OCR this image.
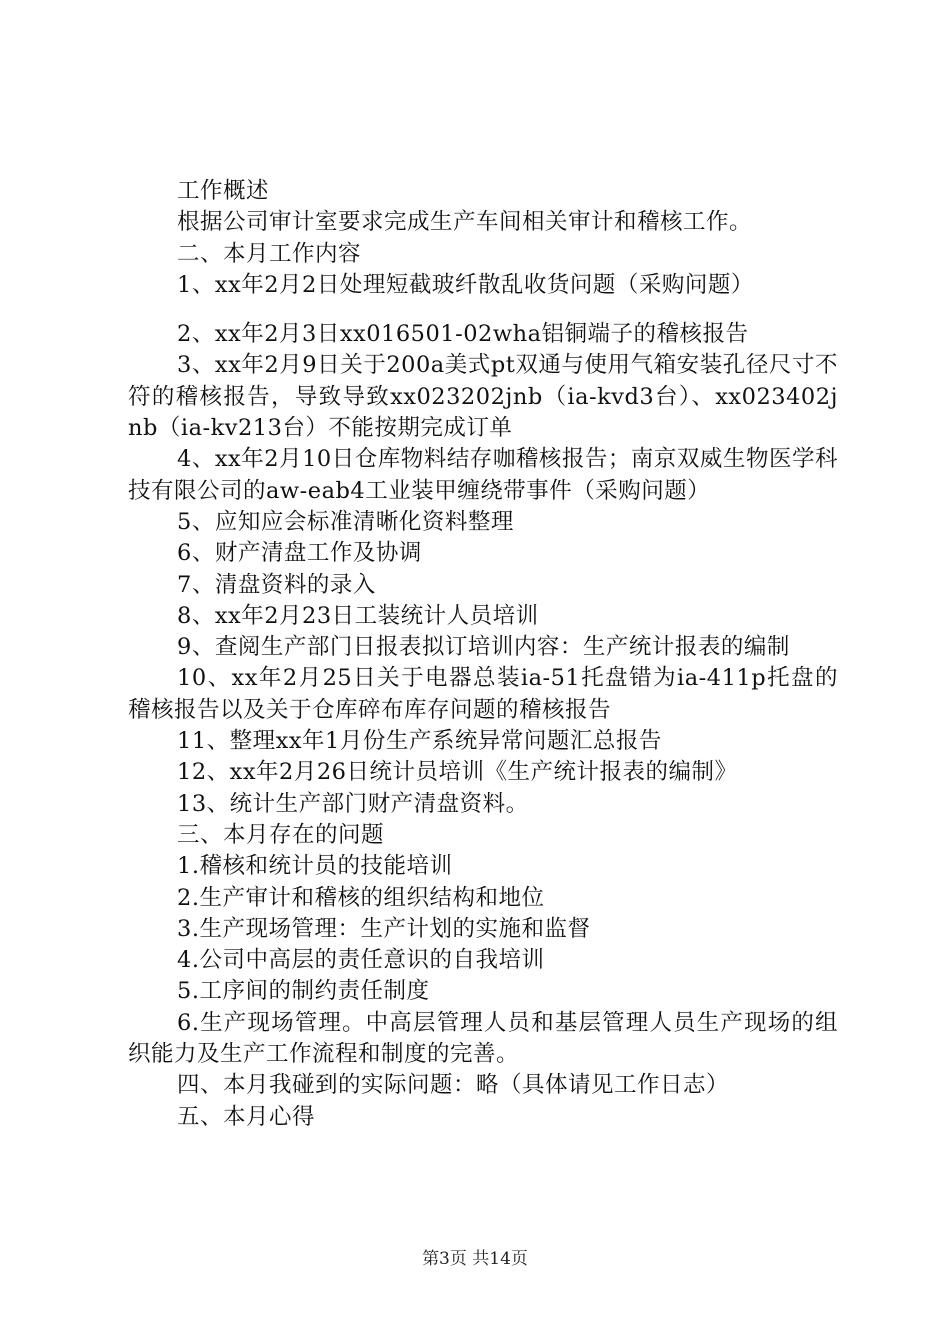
工作概述

根据公司审计室要求完成生产车间相关审计和稽核工作。

二、本月工作内容

1、xx年2月2日处理短截玻纤散乱收货问题（采购问题）

2、xx年2月3日xx016501-02wha铝铜端子的稽核报告

3、xx年2月9日关于200a美式pt双通与使用气箱安装孔径尺寸不符的稽核报告，导致导致xx023202jnb（ia-kvd3台）、xx023402jnb（ia-kv213台）不能按期完成订单

4、xx年2月10日仓库物料结存咖稽核报告；南京双威生物医学科技有限公司的aw-eab4工业装甲缠绕带事件（采购问题）

5、应知应会标准清晰化资料整理

6、财产清盘工作及协调

7、清盘资料的录入

8、xx年2月23日工装统计人员培训

9、查阅生产部门日报表拟订培训内容：生产统计报表的编制

10、xx年2月25日关于电器总装ia-51托盘错为ia-411p托盘的稽核报告以及关于仓库碎布库存问题的稽核报告

11、整理xx年1月份生产系统异常问题汇总报告

12、xx年2月26日统计员培训《生产统计报表的编制》

13、统计生产部门财产清盘资料。

三、本月存在的问题

1.稽核和统计员的技能培训

2.生产审计和稽核的组织结构和地位

3.生产现场管理：生产计划的实施和监督

4.公司中高层的责任意识的自我培训

5.工序间的制约责任制度

6.生产现场管理。中高层管理人员和基层管理人员生产现场的组织能力及生产工作流程和制度的完善。

四、本月我碰到的实际问题：略（具体请见工作日志）

五、本月心得

第3页 共14页
